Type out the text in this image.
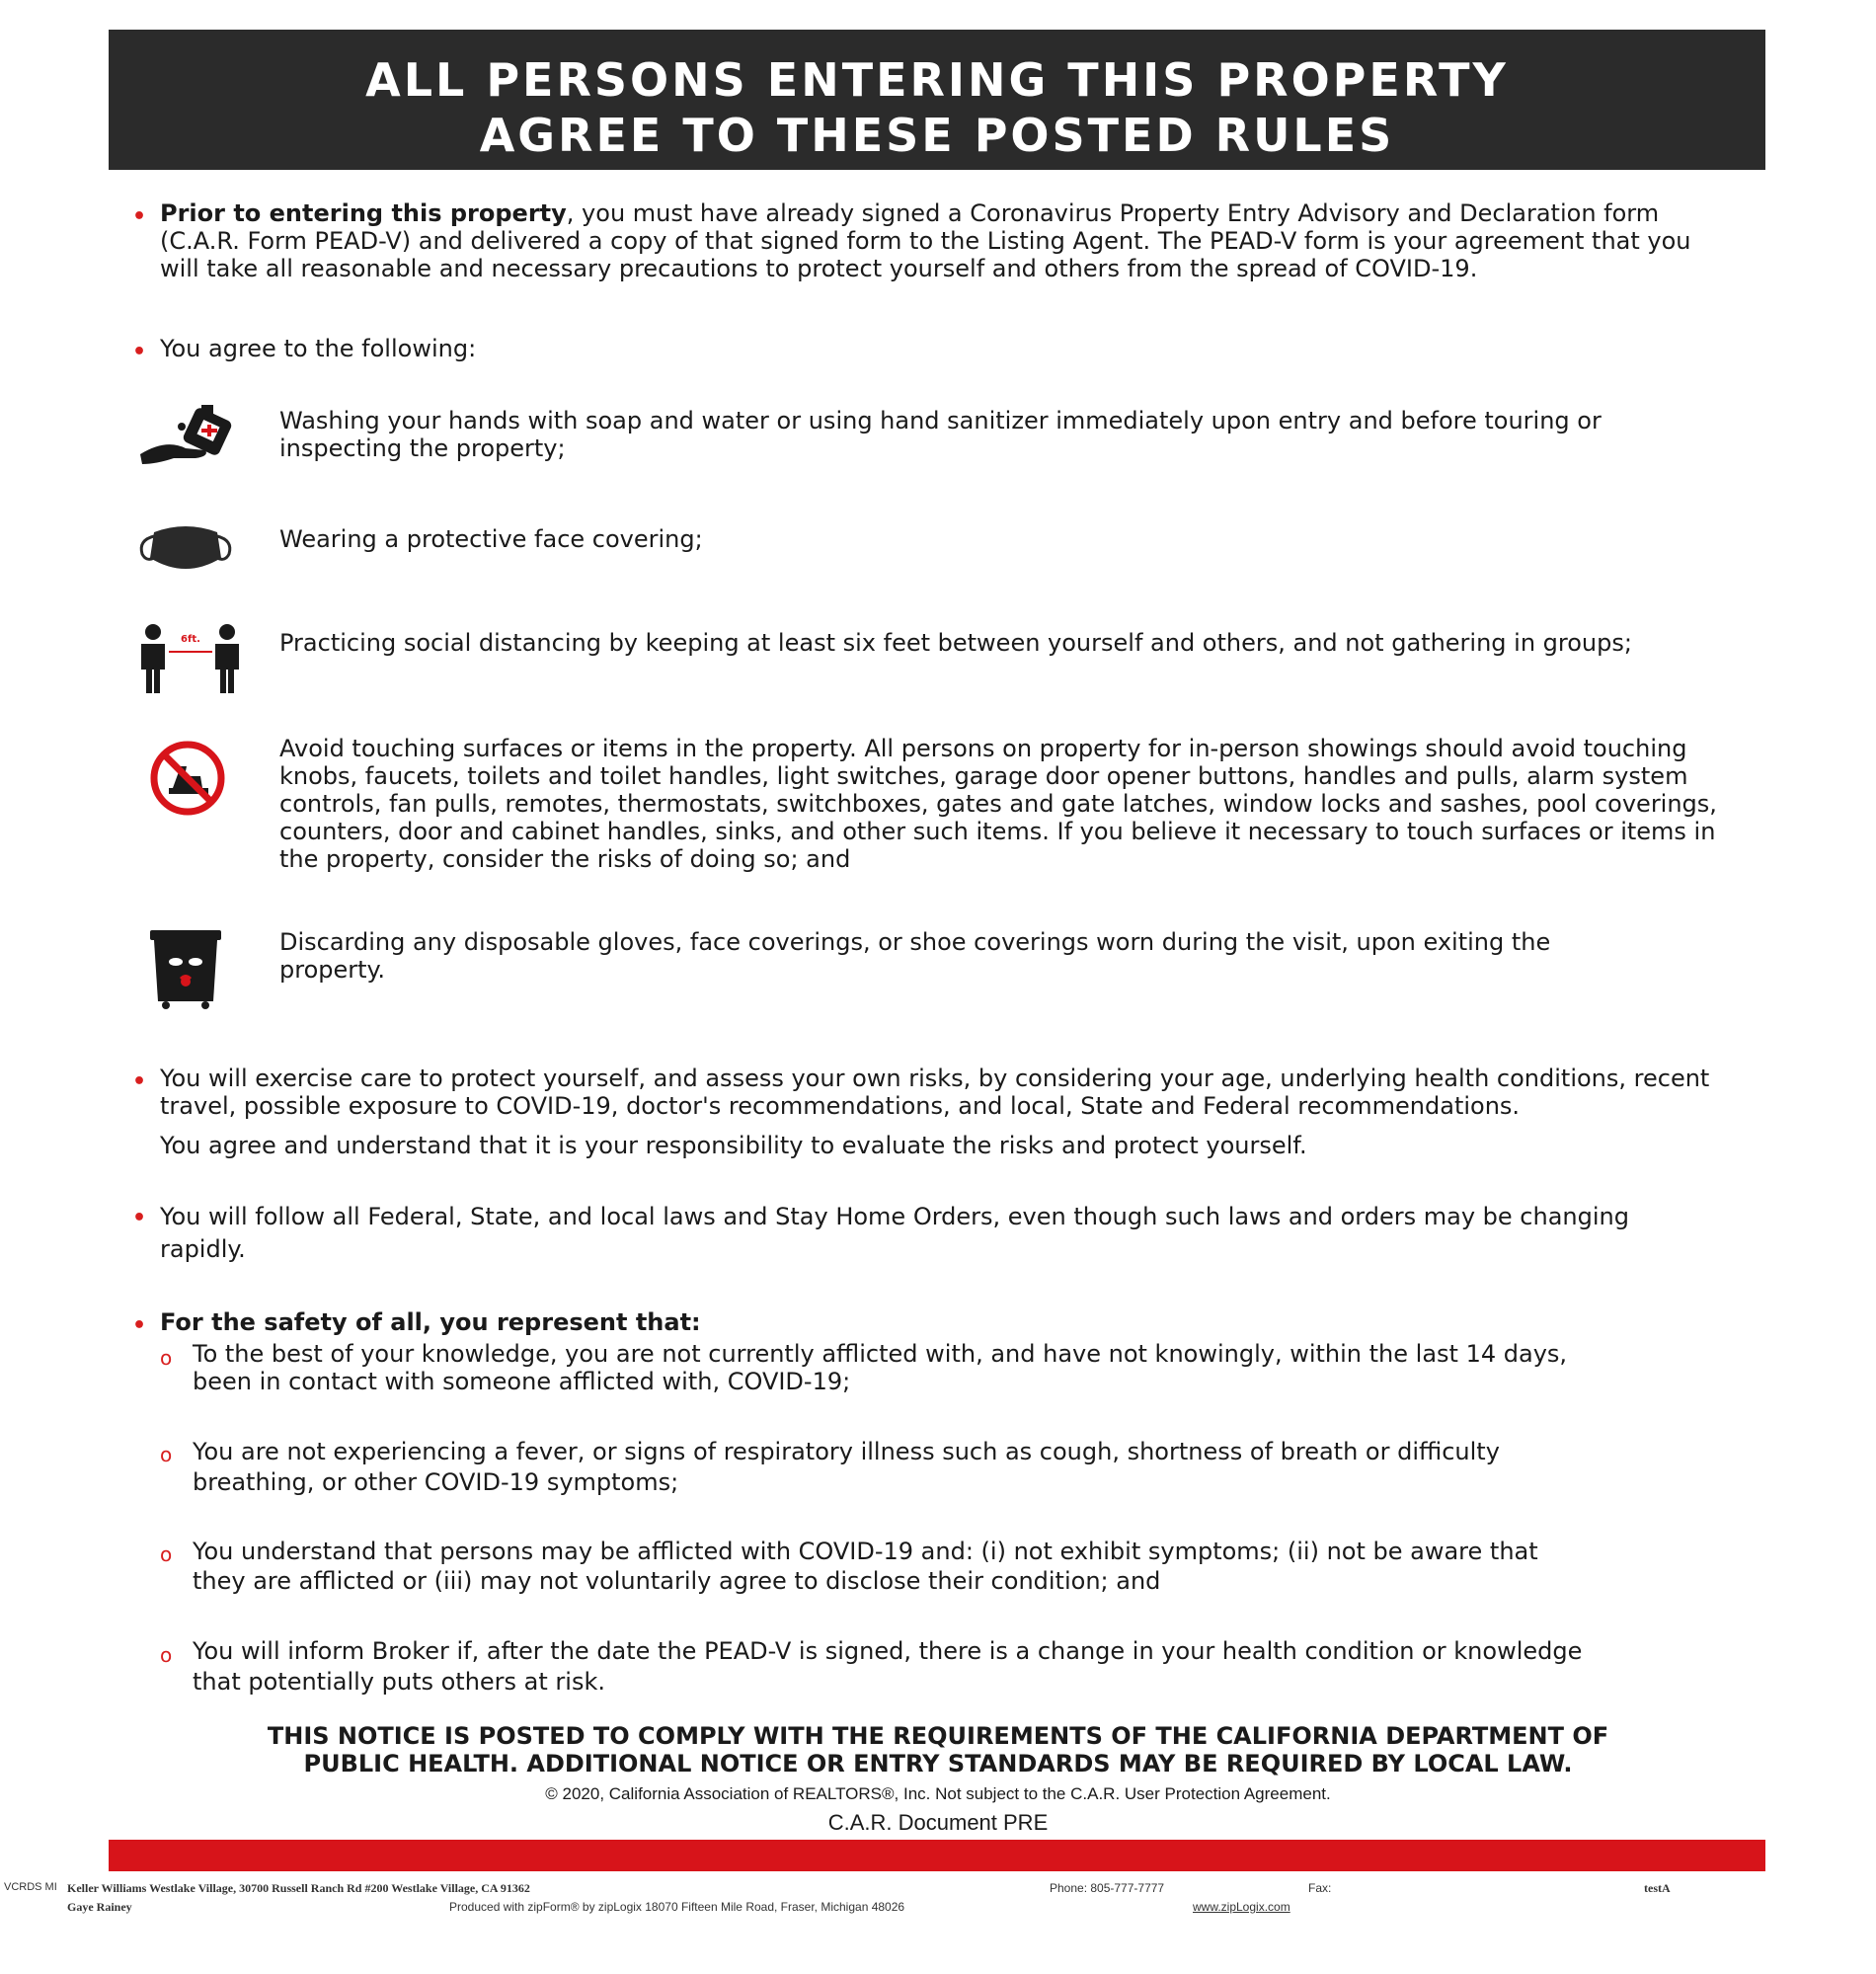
ALL PERSONS ENTERING THIS PROPERTY
AGREE TO THESE POSTED RULES
• Prior to entering this property, you must have already signed a Coronavirus Property Entry Advisory and Declaration form (C.A.R. Form PEAD-V) and delivered a copy of that signed form to the Listing Agent. The PEAD-V form is your agreement that you will take all reasonable and necessary precautions to protect yourself and others from the spread of COVID-19.
• You agree to the following:
Washing your hands with soap and water or using hand sanitizer immediately upon entry and before touring or inspecting the property;
Wearing a protective face covering;
6ft.	Practicing social distancing by keeping at least six feet between yourself and others, and not gathering in groups;
Avoid touching surfaces or items in the property. All persons on property for in-person showings should avoid touching knobs, faucets, toilets and toilet handles, light switches, garage door opener buttons, handles and pulls, alarm system controls, fan pulls, remotes, thermostats, switchboxes, gates and gate latches, window locks and sashes, pool coverings, counters, door and cabinet handles, sinks, and other such items. If you believe it necessary to touch surfaces or items in the property, consider the risks of doing so; and
Discarding any disposable gloves, face coverings, or shoe coverings worn during the visit, upon exiting the property.
• You will exercise care to protect yourself, and assess your own risks, by considering your age, underlying health conditions, recent travel, possible exposure to COVID-19, doctor's recommendations, and local, State and Federal recommendations.
You agree and understand that it is your responsibility to evaluate the risks and protect yourself.
• You will follow all Federal, State, and local laws and Stay Home Orders, even though such laws and orders may be changing rapidly.
• For the safety of all, you represent that:
o To the best of your knowledge, you are not currently afflicted with, and have not knowingly, within the last 14 days, been in contact with someone afflicted with, COVID-19;
o You are not experiencing a fever, or signs of respiratory illness such as cough, shortness of breath or difficulty breathing, or other COVID-19 symptoms;
o You understand that persons may be afflicted with COVID-19 and: (i) not exhibit symptoms; (ii) not be aware that they are afflicted or (iii) may not voluntarily agree to disclose their condition; and
o You will inform Broker if, after the date the PEAD-V is signed, there is a change in your health condition or knowledge that potentially puts others at risk.
THIS NOTICE IS POSTED TO COMPLY WITH THE REQUIREMENTS OF THE CALIFORNIA DEPARTMENT OF
PUBLIC HEALTH. ADDITIONAL NOTICE OR ENTRY STANDARDS MAY BE REQUIRED BY LOCAL LAW.
© 2020, California Association of REALTORS®, Inc. Not subject to the C.A.R. User Protection Agreement.
C.A.R. Document PRE
VCRDS MI Keller Williams Westlake Village, 30700 Russell Ranch Rd #200 Westlake Village, CA 91362	Phone: 805-777-7777	Fax:	testA
Gaye Rainey	Produced with zipForm® by zipLogix 18070 Fifteen Mile Road, Fraser, Michigan 48026	www.zipLogix.com
